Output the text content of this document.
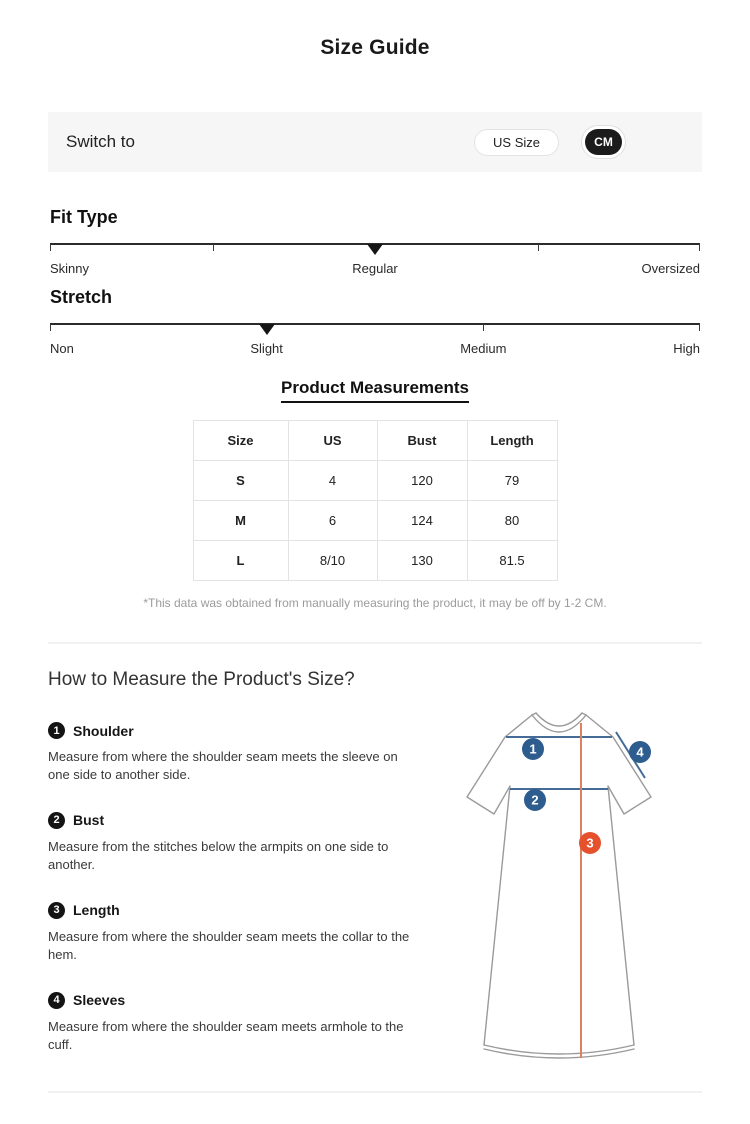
Size Guide
Switch to	US Size	CM
Fit Type
Skinny	Regular	Oversized
Stretch
Non	Slight	Medium	High
Product Measurements
Size	US	Bust	Length
S	4	120	79
M	6	124	80
L	8/10	130	81.5
*This data was obtained from manually measuring the product, it may be off by 1-2 CM.
How to Measure the Product's Size?
1 Shoulder
Measure from where the shoulder seam meets the sleeve on one side to another side.
2 Bust
Measure from the stitches below the armpits on one side to another.
3 Length
Measure from where the shoulder seam meets the collar to the hem.
4 Sleeves
Measure from where the shoulder seam meets armhole to the cuff.
1
2
3
4
